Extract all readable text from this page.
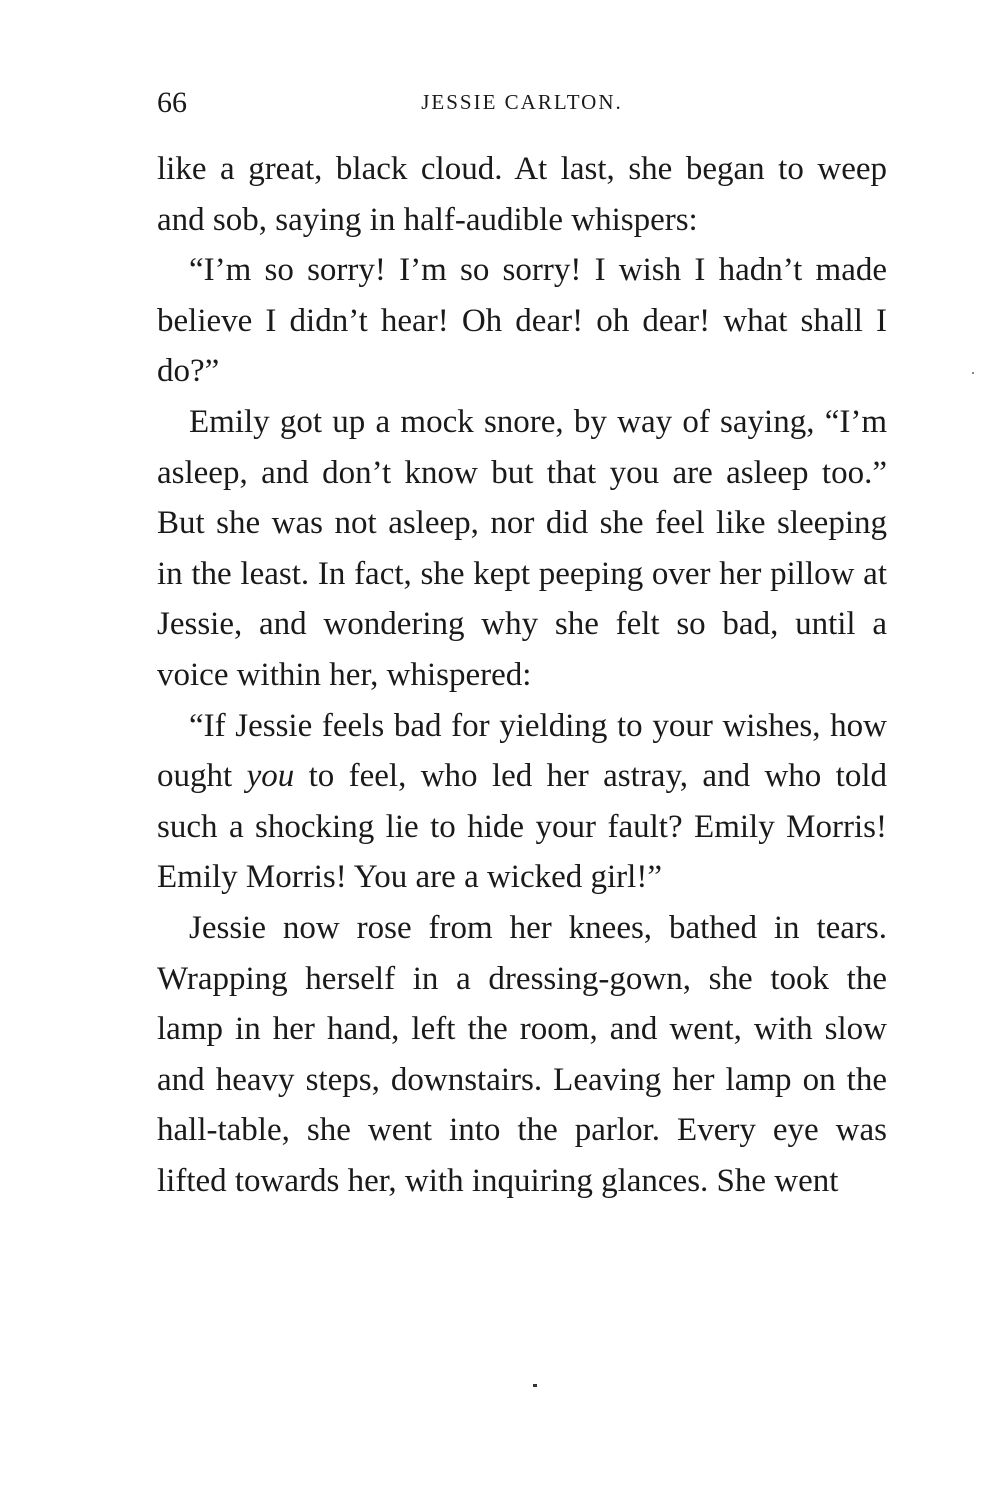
66	JESSIE CARLTON.

like a great, black cloud. At last, she began to weep and sob, saying in half-audible whispers:

“I’m so sorry! I’m so sorry! I wish I hadn’t made believe I didn’t hear! Oh dear! oh dear! what shall I do?”

Emily got up a mock snore, by way of saying, “I’m asleep, and don’t know but that you are asleep too.” But she was not asleep, nor did she feel like sleeping in the least. In fact, she kept peeping over her pillow at Jessie, and wondering why she felt so bad, until a voice within her, whispered:

“If Jessie feels bad for yielding to your wishes, how ought you to feel, who led her astray, and who told such a shocking lie to hide your fault? Emily Morris! Emily Morris! You are a wicked girl!”

Jessie now rose from her knees, bathed in tears. Wrapping herself in a dressing-gown, she took the lamp in her hand, left the room, and went, with slow and heavy steps, downstairs. Leaving her lamp on the hall-table, she went into the parlor. Every eye was lifted towards her, with inquiring glances. She went
